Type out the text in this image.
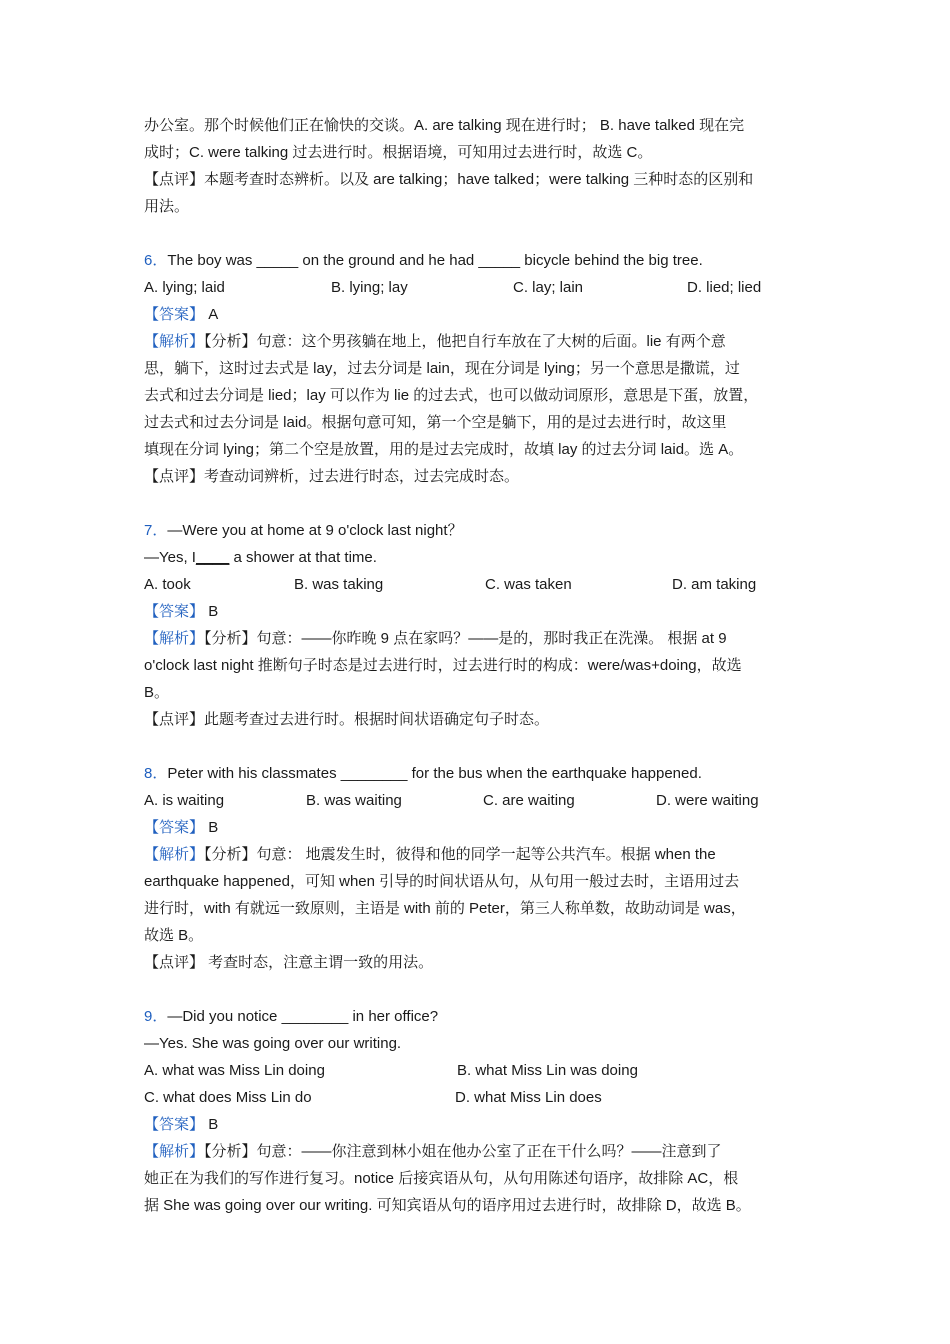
办公室。那个时候他们正在愉快的交谈。A. are talking 现在进行时； B. have talked 现在完
成时；C. were talking 过去进行时。根据语境，可知用过去进行时，故选 C。
【点评】本题考查时态辨析。以及 are talking；have talked；were talking 三种时态的区别和
用法。
6．The boy was _____ on the ground and he had _____ bicycle behind the big tree.
A. lying; laid	B. lying; lay	C. lay; lain	D. lied; lied
【答案】 A
【解析】【分析】句意：这个男孩躺在地上，他把自行车放在了大树的后面。lie 有两个意
思，躺下，这时过去式是 lay，过去分词是 lain，现在分词是 lying；另一个意思是撒谎，过
去式和过去分词是 lied；lay 可以作为 lie 的过去式，也可以做动词原形，意思是下蛋，放置，
过去式和过去分词是 laid。根据句意可知，第一个空是躺下，用的是过去进行时，故这里
填现在分词 lying；第二个空是放置，用的是过去完成时，故填 lay 的过去分词 laid。选 A。
【点评】考查动词辨析，过去进行时态，过去完成时态。
7．—Were you at home at 9 o'clock last night？
—Yes, I____ a shower at that time.
A. took	B. was taking	C. was taken	D. am taking
【答案】 B
【解析】【分析】句意：——你昨晚 9 点在家吗？——是的，那时我正在洗澡。 根据 at 9
o'clock last night 推断句子时态是过去进行时，过去进行时的构成：were/was+doing，故选
B。
【点评】此题考查过去进行时。根据时间状语确定句子时态。
8．Peter with his classmates ________ for the bus when the earthquake happened.
A. is waiting	B. was waiting	C. are waiting	D. were waiting
【答案】 B
【解析】【分析】句意： 地震发生时，彼得和他的同学一起等公共汽车。根据 when the
earthquake happened，可知 when 引导的时间状语从句，从句用一般过去时，主语用过去
进行时，with 有就远一致原则，主语是 with 前的 Peter，第三人称单数，故助动词是 was，
故选 B。
【点评】 考查时态，注意主谓一致的用法。
9．—Did you notice ________ in her office?
—Yes. She was going over our writing.
A. what was Miss Lin doing	B. what Miss Lin was doing
C. what does Miss Lin do	D. what Miss Lin does
【答案】 B
【解析】【分析】句意：——你注意到林小姐在他办公室了正在干什么吗？——注意到了
她正在为我们的写作进行复习。notice 后接宾语从句，从句用陈述句语序，故排除 AC，根
据 She was going over our writing. 可知宾语从句的语序用过去进行时，故排除 D，故选 B。
